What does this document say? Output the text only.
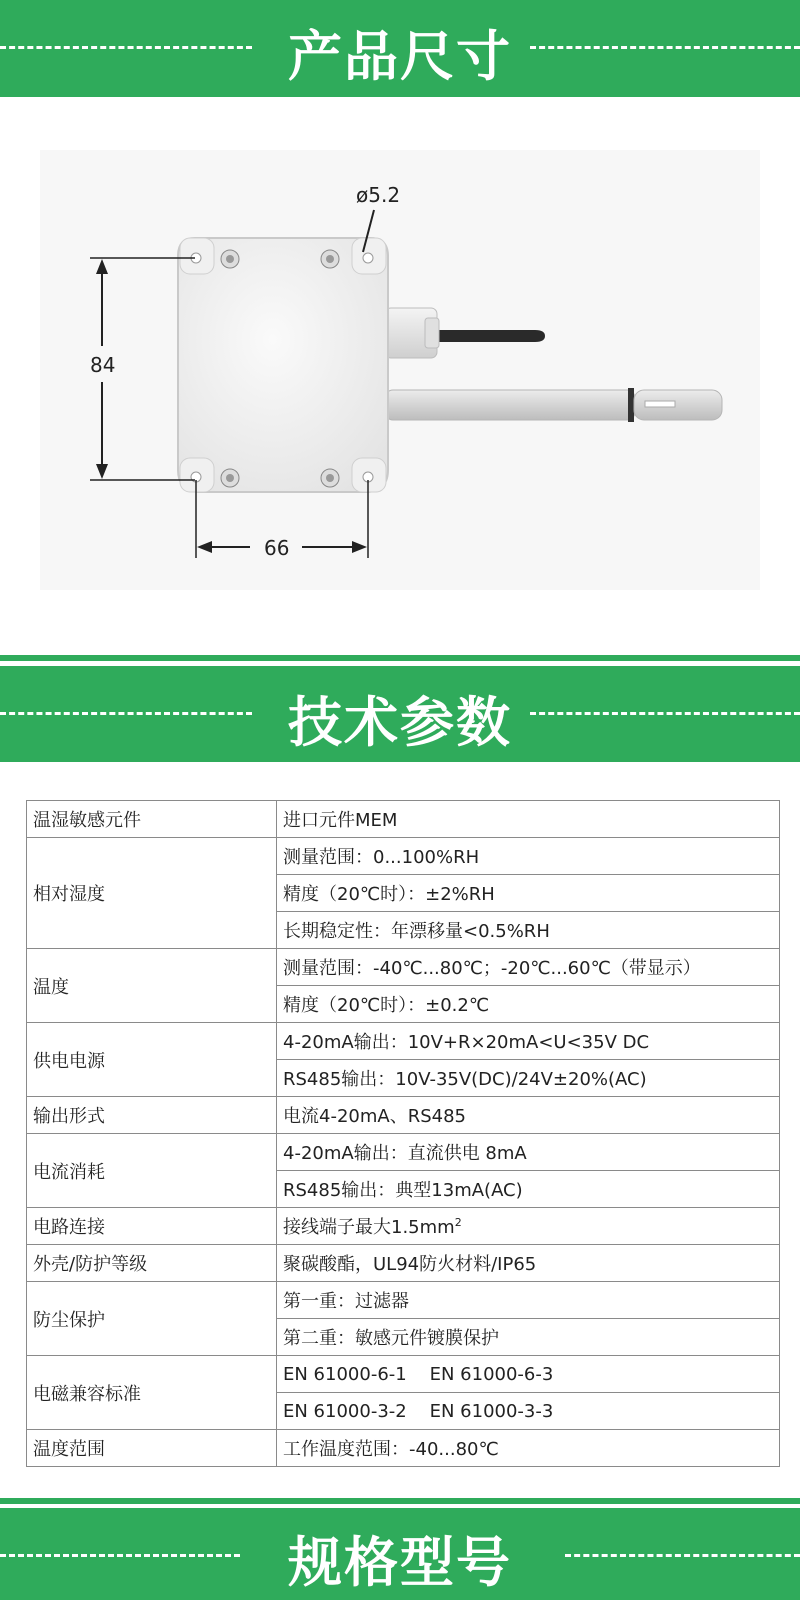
产品尺寸
ø5.2
84
66
技术参数
温湿敏感元件	进口元件MEM
相对湿度	测量范围：0...100%RH
	精度（20℃时）：±2%RH
	长期稳定性：年漂移量<0.5%RH
温度	测量范围：-40℃...80℃；-20℃...60℃（带显示）
	精度（20℃时）：±0.2℃
供电电源	4-20mA输出：10V+R×20mA<U<35V DC
	RS485输出：10V-35V(DC)/24V±20%(AC)
输出形式	电流4-20mA、RS485
电流消耗	4-20mA输出：直流供电 8mA
	RS485输出：典型13mA(AC)
电路连接	接线端子最大$1.5mm^2$
外壳/防护等级	聚碳酸酯，UL94防火材料/IP65
防尘保护	第一重：过滤器
	第二重：敏感元件镀膜保护
电磁兼容标准	EN 61000-6-1    EN 61000-6-3
	EN 61000-3-2    EN 61000-3-3
温度范围	工作温度范围：-40...80℃
规格型号
